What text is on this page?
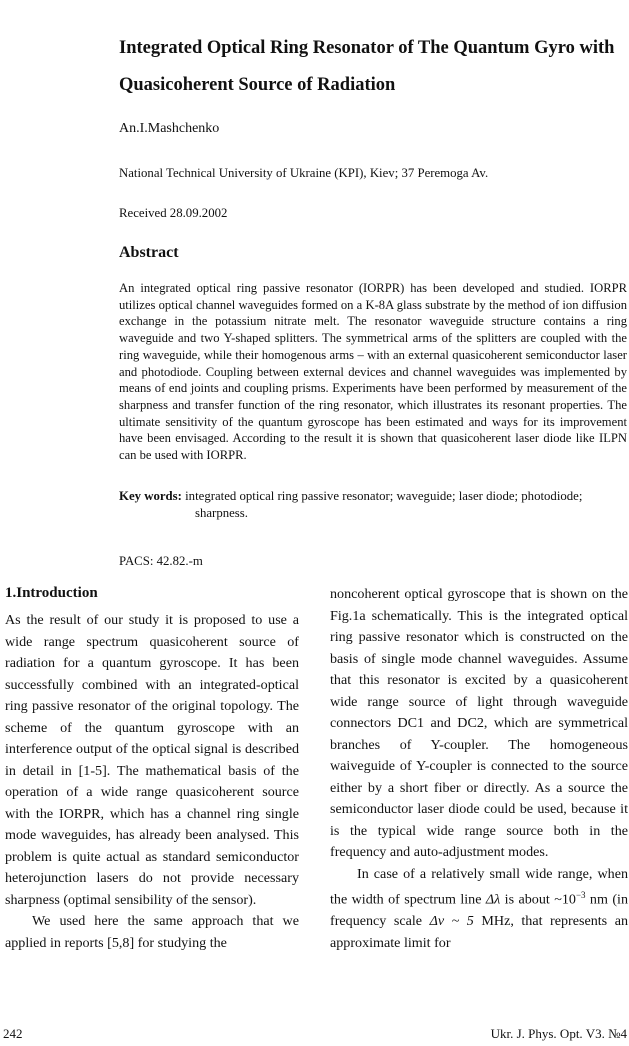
Integrated Optical Ring Resonator of The Quantum Gyro with Quasicoherent Source of Radiation
An.I.Mashchenko
National Technical University of Ukraine (KPI), Kiev; 37 Peremoga Av.
Received 28.09.2002
Abstract
An integrated optical ring passive resonator (IORPR) has been developed and studied. IORPR utilizes optical channel waveguides formed on a K-8A glass substrate by the method of ion diffusion exchange in the potassium nitrate melt. The resonator waveguide structure contains a ring waveguide and two Y-shaped splitters. The symmetrical arms of the splitters are coupled with the ring waveguide, while their homogenous arms – with an external quasicoherent semiconductor laser and photodiode. Coupling between external devices and channel waveguides was implemented by means of end joints and coupling prisms. Experiments have been performed by measurement of the sharpness and transfer function of the ring resonator, which illustrates its resonant properties. The ultimate sensitivity of the quantum gyroscope has been estimated and ways for its improvement have been envisaged. According to the result it is shown that quasicoherent laser diode like ILPN can be used with IORPR.
Key words: integrated optical ring passive resonator; waveguide; laser diode; photodiode;
sharpness.
PACS: 42.82.-m
1.Introduction
As the result of our study it is proposed to use a wide range spectrum quasicoherent source of radiation for a quantum gyroscope. It has been successfully combined with an integrated-optical ring passive resonator of the original topology. The scheme of the quantum gyroscope with an interference output of the optical signal is described in detail in [1-5]. The mathematical basis of the operation of a wide range quasicoherent source with the IORPR, which has a channel ring single mode waveguides, has already been analysed. This problem is quite actual as standard semiconductor heterojunction lasers do not provide necessary sharpness (optimal sensibility of the sensor).
We used here the same approach that we applied in reports [5,8] for studying the
noncoherent optical gyroscope that is shown on the Fig.1a schematically. This is the integrated optical ring passive resonator which is constructed on the basis of single mode channel waveguides. Assume that this resonator is excited by a quasicoherent wide range source of light through waveguide connectors DC1 and DC2, which are symmetrical branches of Y-coupler. The homogeneous waiveguide of Y-coupler is connected to the source either by a short fiber or directly. As a source the semiconductor laser diode could be used, because it is the typical wide range source both in the frequency and auto-adjustment modes.
In case of a relatively small wide range, when the width of spectrum line Δλ is about $\sim 10^{-3}$ nm (in frequency scale Δν ~ 5 MHz, that represents an approximate limit for
242	Ukr. J. Phys. Opt. V3. №4
